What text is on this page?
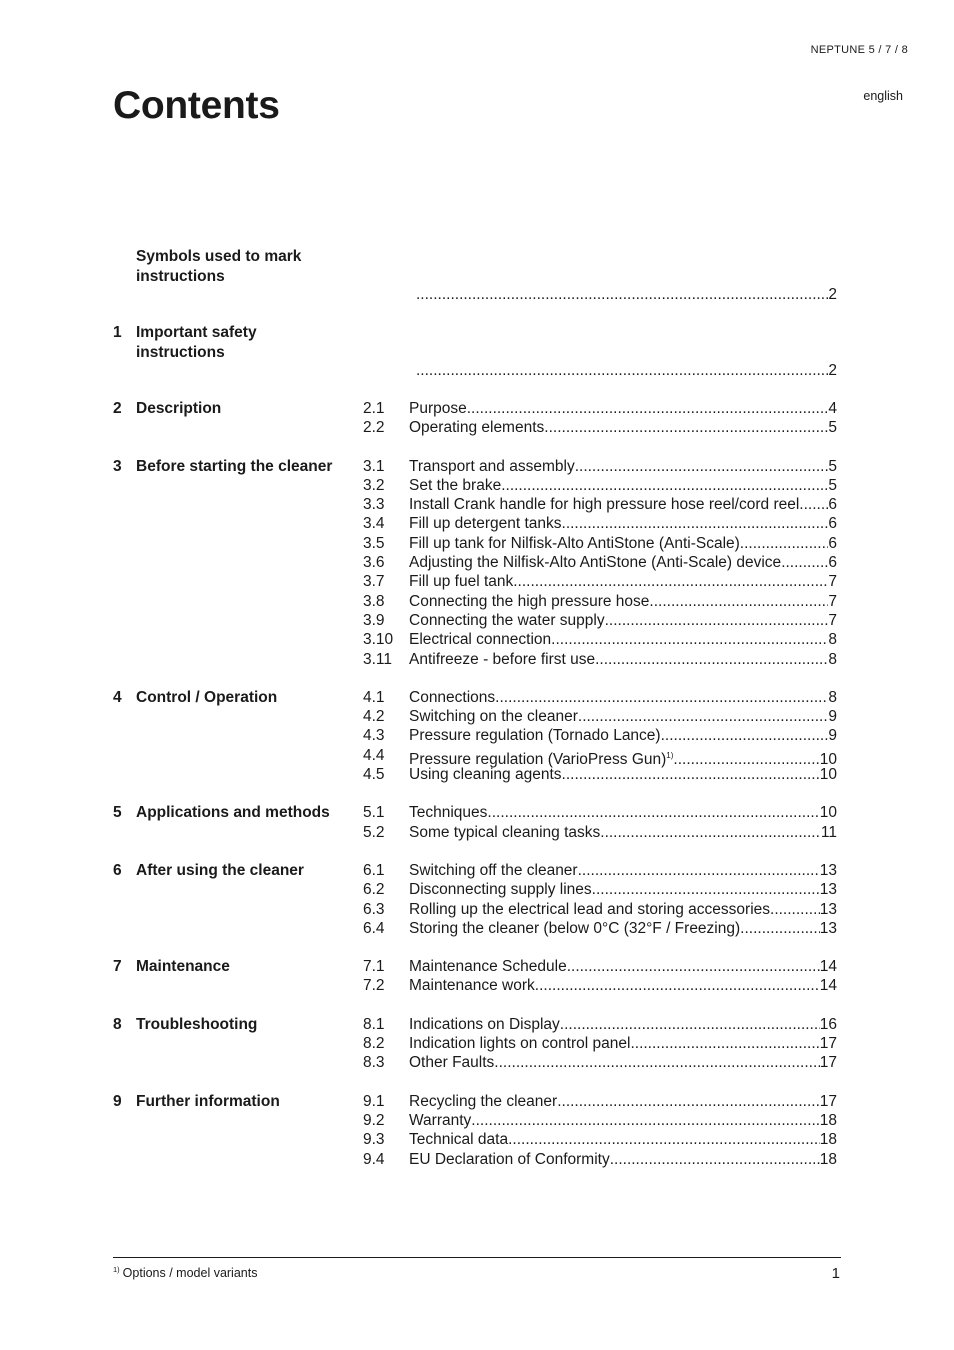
NEPTUNE 5 / 7 / 8
english
Contents
Symbols used to mark instructions
.....
2
1 Important safety instructions
.....
2
2 Description	2.1 Purpose .....	4
2.2 Operating elements .....	5
3 Before starting the cleaner	3.1 Transport and assembly .....	5
3.2 Set the brake .....	5
3.3 Install Crank handle for high pressure hose reel/cord reel ..... 6
3.4 Fill up detergent tanks .....	6
3.5 Fill up tank for Nilfisk-Alto AntiStone (Anti-Scale) .....	6
3.6 Adjusting the Nilfisk-Alto AntiStone (Anti-Scale) device .....	6
3.7 Fill up fuel tank .....	7
3.8 Connecting the high pressure hose .....	7
3.9 Connecting the water supply .....	7
3.10 Electrical connection .....	8
3.11 Antifreeze - before first use .....	8
4 Control / Operation	4.1 Connections .....	8
4.2 Switching on the cleaner .....	9
4.3 Pressure regulation (Tornado Lance) .....	9
4.4 Pressure regulation (VarioPress Gun)$^{1)}$ .....	10
4.5 Using cleaning agents .....	10
5 Applications and methods	5.1 Techniques .....	10
5.2 Some typical cleaning tasks .....	11
6 After using the cleaner	6.1 Switching off the cleaner .....	13
6.2 Disconnecting supply lines .....	13
6.3 Rolling up the electrical lead and storing accessories .....	13
6.4 Storing the cleaner (below 0°C (32°F / Freezing) .....	13
7 Maintenance	7.1 Maintenance Schedule .....	14
7.2 Maintenance work .....	14
8 Troubleshooting	8.1 Indications on Display .....	16
8.2 Indication lights on control panel .....	17
8.3 Other Faults .....	17
9 Further information	9.1 Recycling the cleaner .....	17
9.2 Warranty .....	18
9.3 Technical data .....	18
9.4 EU Declaration of Conformity .....	18
$^{1)}$ Options / model variants	1
